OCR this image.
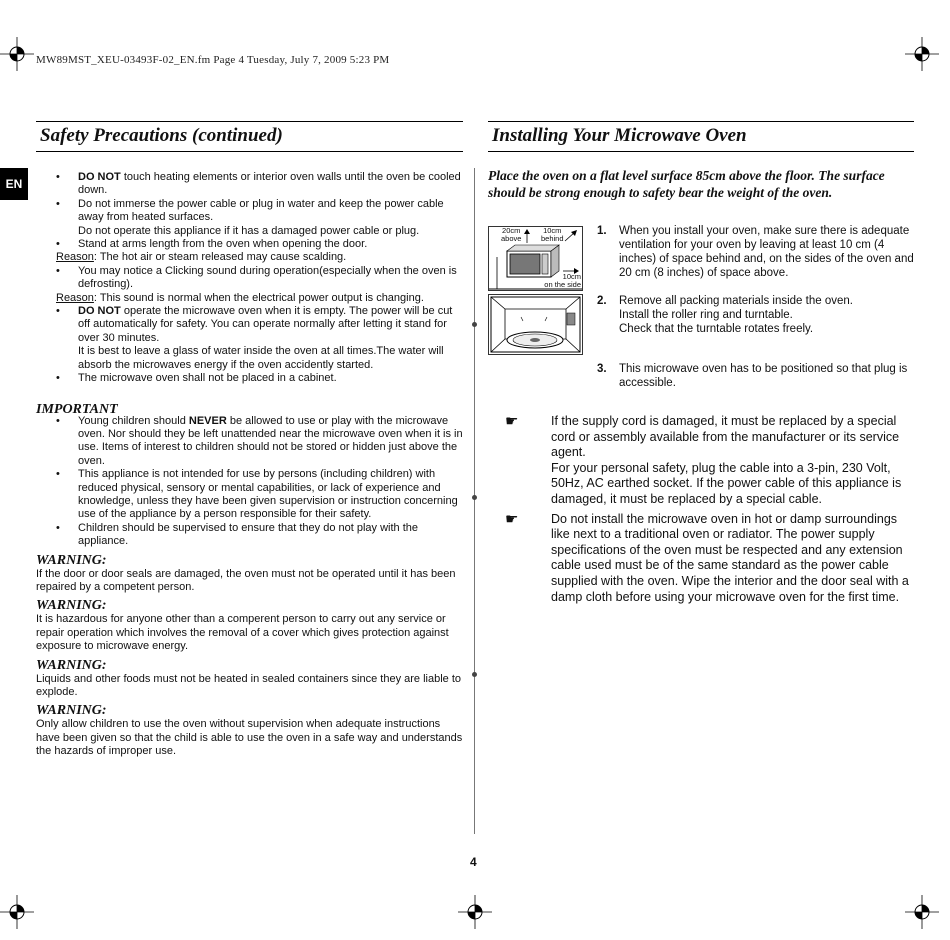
MW89MST_XEU-03493F-02_EN.fm Page 4 Tuesday, July 7, 2009 5:23 PM
EN
Safety Precautions (continued)
• DO NOT touch heating elements or interior oven walls until the oven be cooled down.
• Do not immerse the power cable or plug in water and keep the power cable away from heated surfaces.
Do not operate this appliance if it has a damaged power cable or plug.
• Stand at arms length from the oven when opening the door.
Reason: The hot air or steam released may cause scalding.
• You may notice a Clicking sound during operation(especially when the oven is defrosting).
Reason: This sound is normal when the electrical power output is changing.
• DO NOT operate the microwave oven when it is empty. The power will be cut off automatically for safety. You can operate normally after letting it stand for over 30 minutes.
It is best to leave a glass of water inside the oven at all times.The water will absorb the microwaves energy if the oven accidently started.
• The microwave oven shall not be placed in a cabinet.
IMPORTANT
• Young children should NEVER be allowed to use or play with the microwave oven. Nor should they be left unattended near the microwave oven when it is in use. Items of interest to children should not be stored or hidden just above the oven.
• This appliance is not intended for use by persons (including children) with reduced physical, sensory or mental capabilities, or lack of experience and knowledge, unless they have been given supervision or instruction concerning use of the appliance by a person responsible for their safety.
• Children should be supervised to ensure that they do not play with the appliance.
WARNING:
If the door or door seals are damaged, the oven must not be operated until it has been repaired by a competent person.
WARNING:
It is hazardous for anyone other than a comperent person to carry out any service or repair operation which involves the removal of a cover which gives protection against exposure to microwave energy.
WARNING:
Liquids and other foods must not be heated in sealed containers since they are liable to explode.
WARNING:
Only allow children to use the oven without supervision when adequate instructions have been given so that the child is able to use the oven in a safe way and understands the hazards of improper use.
Installing Your Microwave Oven
Place the oven on a flat level surface 85cm above the floor. The surface should be strong enough to safety bear the weight of the oven.
20cm
above
10cm
behind
10cm
on the side
1.	When you install your oven, make sure there is adequate ventilation for your oven by leaving at least 10 cm (4 inches) of space behind and, on the sides of the oven and 20 cm (8 inches) of space above.
2.	Remove all packing materials inside the oven.
Install the roller ring and turntable.
Check that the turntable rotates freely.
3.	This microwave oven has to be positioned so that plug is accessible.
☛	If the supply cord is damaged, it must be replaced by a special cord or assembly available from the manufacturer or its service agent.
For your personal safety, plug the cable into a 3-pin, 230 Volt, 50Hz, AC earthed socket. If the power cable of this appliance is damaged, it must be replaced by a special cable.
☛	Do not install the microwave oven in hot or damp surroundings like next to a traditional oven or radiator. The power supply specifications of the oven must be respected and any extension cable used must be of the same standard as the power cable supplied with the oven. Wipe the interior and the door seal with a damp cloth before using your microwave oven for the first time.
4
